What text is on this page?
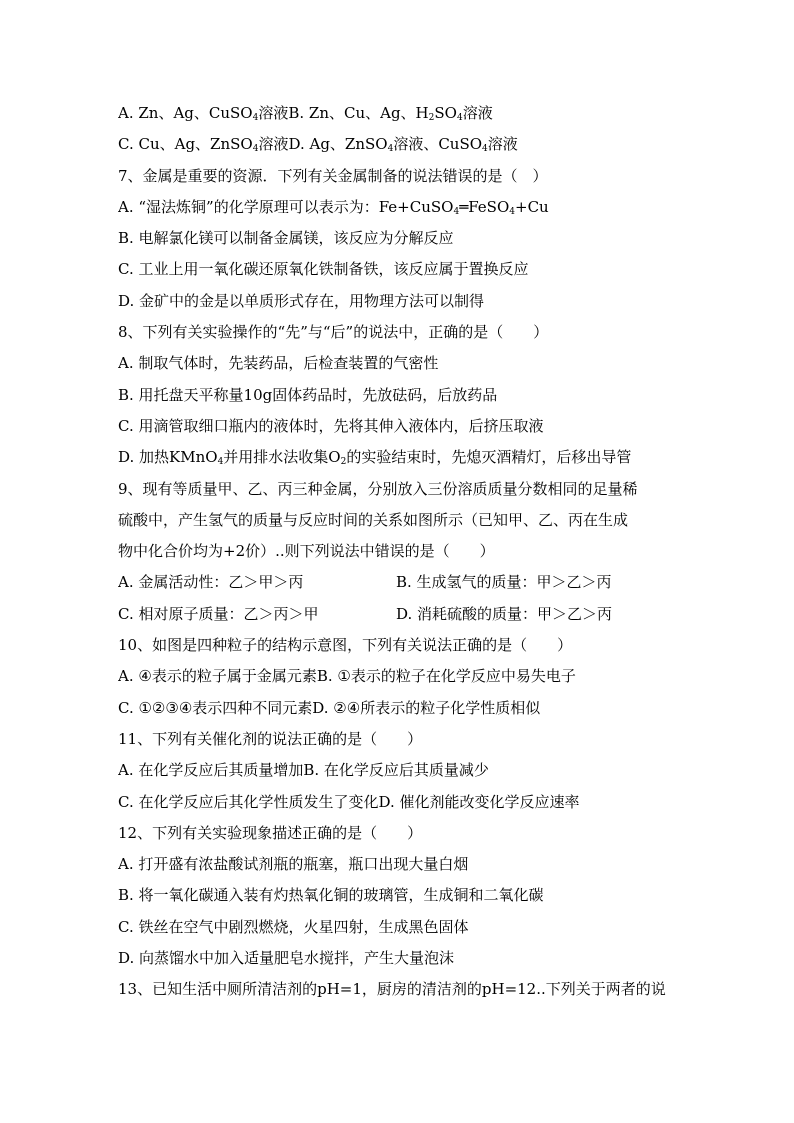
A. Zn、Ag、CuSO$_4$溶液B. Zn、Cu、Ag、$H_2SO_4$溶液
C. Cu、Ag、ZnSO$_4$溶液D. Ag、ZnSO$_4$溶液、CuSO$_4$溶液
7、金属是重要的资源．下列有关金属制备的说法错误的是（　）
A. “湿法炼铜”的化学原理可以表示为：Fe+CuSO$_4$═FeSO$_4$+Cu
B. 电解氯化镁可以制备金属镁，该反应为分解反应
C. 工业上用一氧化碳还原氧化铁制备铁，该反应属于置换反应
D. 金矿中的金是以单质形式存在，用物理方法可以制得
8、下列有关实验操作的“先”与“后”的说法中，正确的是（　　）
A. 制取气体时，先装药品，后检查装置的气密性
B. 用托盘天平称量10g固体药品时，先放砝码，后放药品
C. 用滴管取细口瓶内的液体时，先将其伸入液体内，后挤压取液
D. 加热KMnO$_4$并用排水法收集$O_2$的实验结束时，先熄灭酒精灯，后移出导管
9、现有等质量甲、乙、丙三种金属，分别放入三份溶质质量分数相同的足量稀
硫酸中，产生氢气的质量与反应时间的关系如图所示（已知甲、乙、丙在生成
物中化合价均为+2价）..则下列说法中错误的是（　　）
A. 金属活动性：乙＞甲＞丙	B. 生成氢气的质量：甲＞乙＞丙
C. 相对原子质量：乙＞丙＞甲	D. 消耗硫酸的质量：甲＞乙＞丙
10、如图是四种粒子的结构示意图，下列有关说法正确的是（　　）
A. ④表示的粒子属于金属元素B. ①表示的粒子在化学反应中易失电子
C. ①②③④表示四种不同元素D. ②④所表示的粒子化学性质相似
11、下列有关催化剂的说法正确的是（　　）
A. 在化学反应后其质量增加B. 在化学反应后其质量减少
C. 在化学反应后其化学性质发生了变化D. 催化剂能改变化学反应速率
12、下列有关实验现象描述正确的是（　　）
A. 打开盛有浓盐酸试剂瓶的瓶塞，瓶口出现大量白烟
B. 将一氧化碳通入装有灼热氧化铜的玻璃管，生成铜和二氧化碳
C. 铁丝在空气中剧烈燃烧，火星四射，生成黑色固体
D. 向蒸馏水中加入适量肥皂水搅拌，产生大量泡沫
13、已知生活中厕所清洁剂的pH=1，厨房的清洁剂的pH=12..下列关于两者的说
